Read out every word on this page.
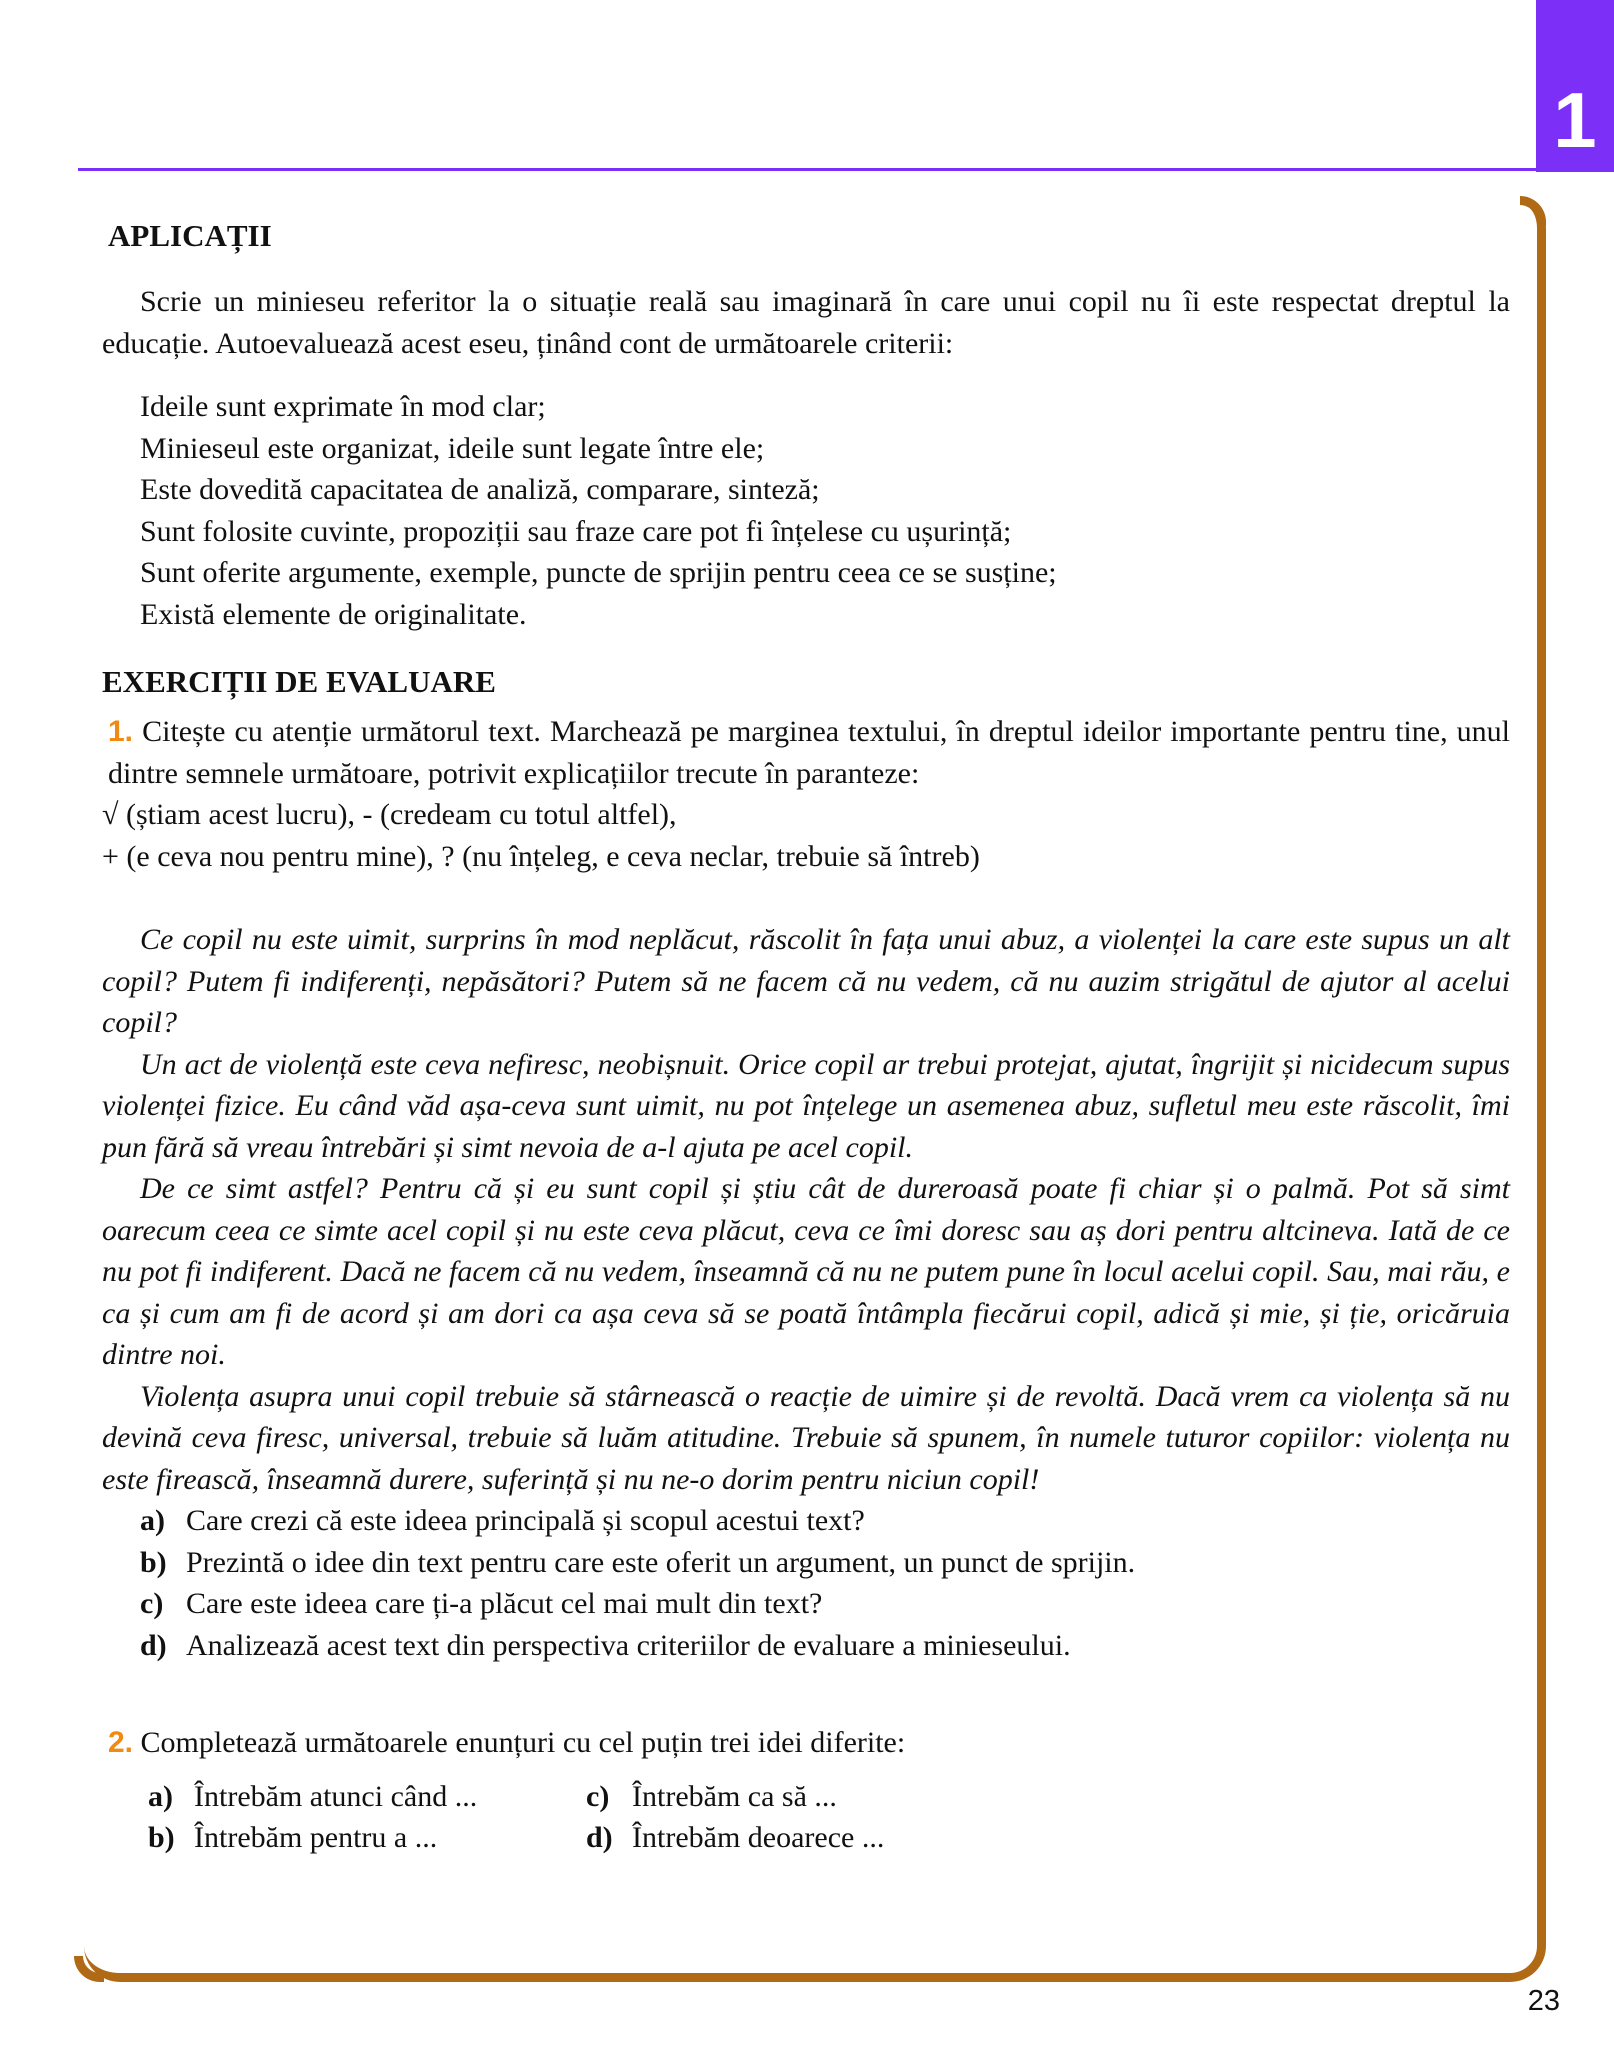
1
APLICAȚII

Scrie un minieseu referitor la o situație reală sau imaginară în care unui copil nu îi este respectat dreptul la educație. Autoevaluează acest eseu, ținând cont de următoarele criterii:

Ideile sunt exprimate în mod clar;

Minieseul este organizat, ideile sunt legate între ele;

Este dovedită capacitatea de analiză, comparare, sinteză;

Sunt folosite cuvinte, propoziții sau fraze care pot fi înțelese cu ușurință;

Sunt oferite argumente, exemple, puncte de sprijin pentru ceea ce se susține;

Există elemente de originalitate.

EXERCIȚII DE EVALUARE

1. Citește cu atenție următorul text. Marchează pe marginea textului, în dreptul ideilor importante pentru tine, unul dintre semnele următoare, potrivit explicațiilor trecute în paranteze:

√ (știam acest lucru), - (credeam cu totul altfel),

+ (e ceva nou pentru mine), ? (nu înțeleg, e ceva neclar, trebuie să întreb)

Ce copil nu este uimit, surprins în mod neplăcut, răscolit în fața unui abuz, a violenței la care este supus un alt copil? Putem fi indiferenți, nepăsători? Putem să ne facem că nu vedem, că nu auzim strigătul de ajutor al acelui copil?

Un act de violență este ceva nefiresc, neobișnuit. Orice copil ar trebui protejat, ajutat, îngrijit și nicidecum supus violenței fizice. Eu când văd așa-ceva sunt uimit, nu pot înțelege un asemenea abuz, sufletul meu este răscolit, îmi pun fără să vreau întrebări și simt nevoia de a-l ajuta pe acel copil.

De ce simt astfel? Pentru că și eu sunt copil și știu cât de dureroasă poate fi chiar și o palmă. Pot să simt oarecum ceea ce simte acel copil și nu este ceva plăcut, ceva ce îmi doresc sau aș dori pentru altcineva. Iată de ce nu pot fi indiferent. Dacă ne facem că nu vedem, înseamnă că nu ne putem pune în locul acelui copil. Sau, mai rău, e ca și cum am fi de acord și am dori ca așa ceva să se poată întâmpla fiecărui copil, adică și mie, și ție, oricăruia dintre noi.

Violența asupra unui copil trebuie să stârnească o reacție de uimire și de revoltă. Dacă vrem ca violența să nu devină ceva firesc, universal, trebuie să luăm atitudine. Trebuie să spunem, în numele tuturor copiilor: violența nu este firească, înseamnă durere, suferință și nu ne-o dorim pentru niciun copil!

a) Care crezi că este ideea principală și scopul acestui text?
b) Prezintă o idee din text pentru care este oferit un argument, un punct de sprijin.
c) Care este ideea care ți-a plăcut cel mai mult din text?
d) Analizează acest text din perspectiva criteriilor de evaluare a minieseului.

2. Completează următoarele enunțuri cu cel puțin trei idei diferite:

a) Întrebăm atunci când ...	c) Întrebăm ca să ...
b) Întrebăm pentru a ...	d) Întrebăm deoarece ...
23
